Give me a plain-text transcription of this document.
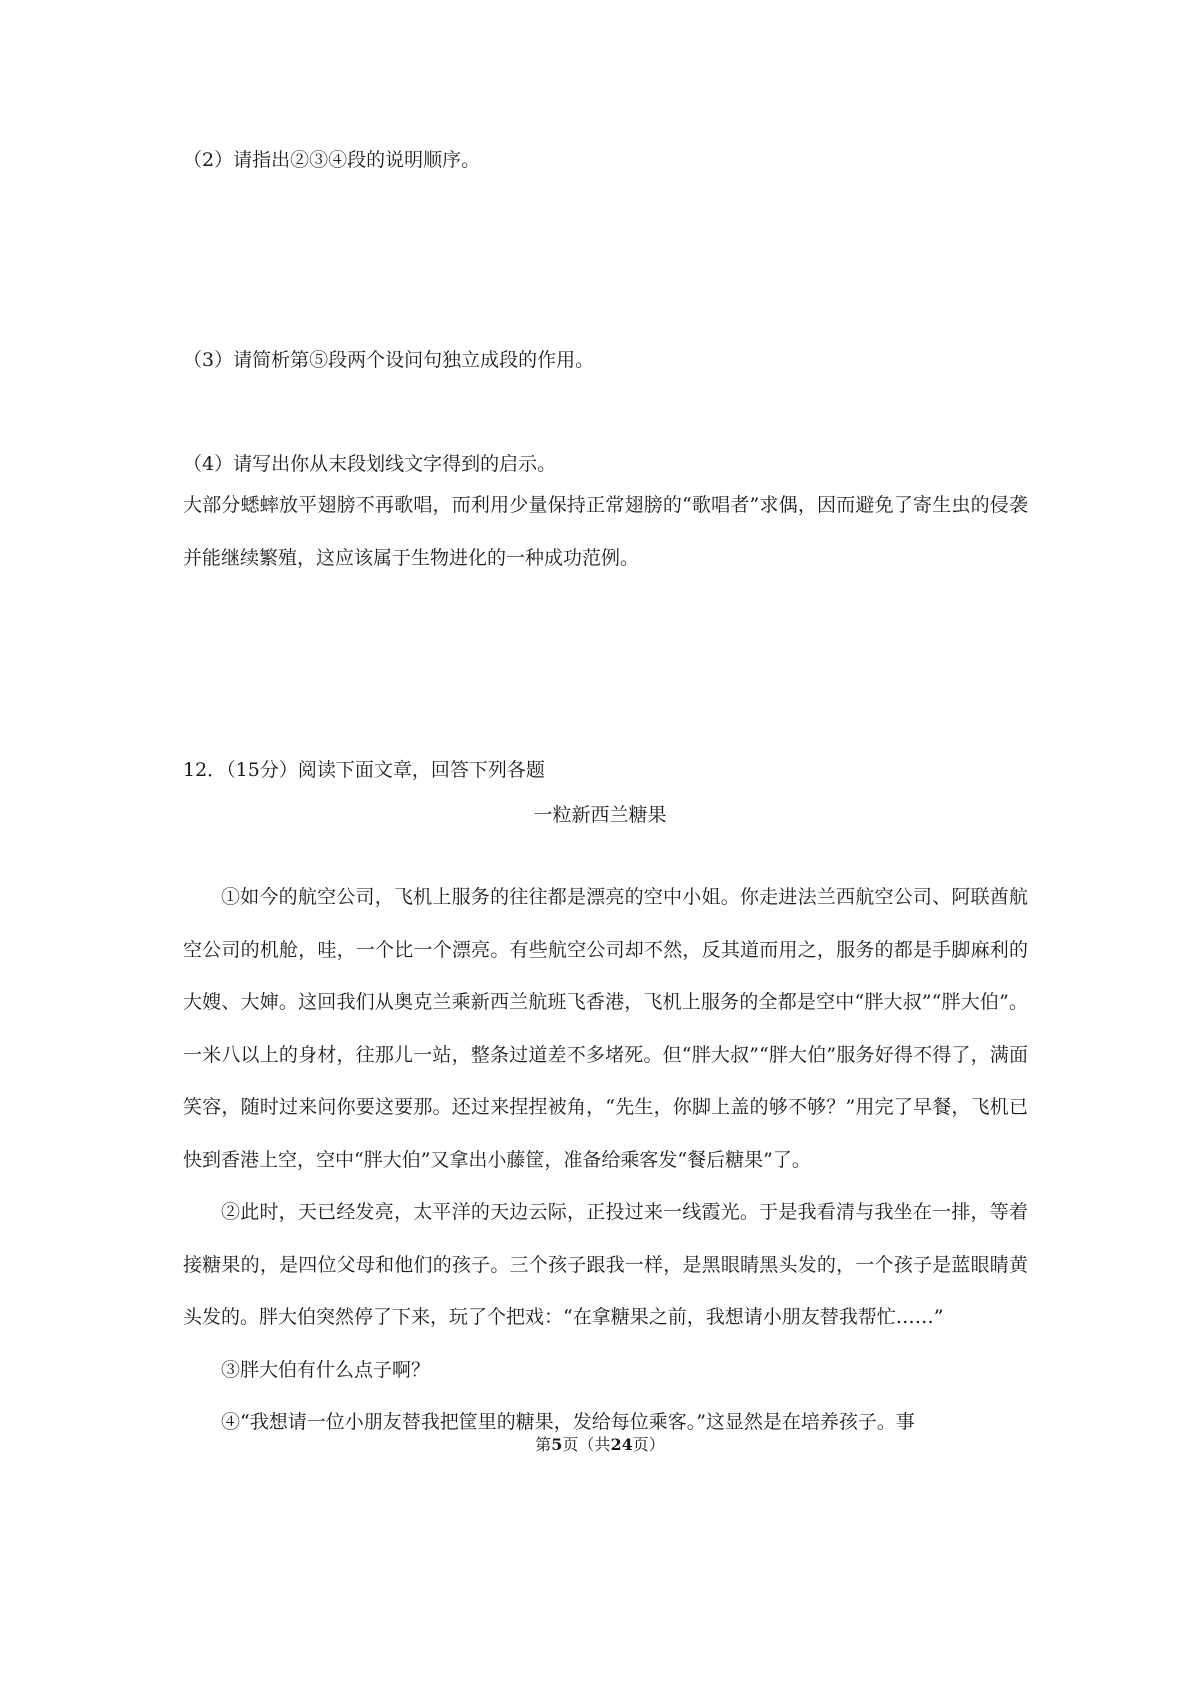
（2）请指出②③④段的说明顺序。
（3）请简析第⑤段两个设问句独立成段的作用。
（4）请写出你从末段划线文字得到的启示。
大部分蟋蟀放平翅膀不再歌唱，而利用少量保持正常翅膀的“歌唱者”求偶，因而避免了寄生虫的侵袭并能继续繁殖，这应该属于生物进化的一种成功范例。
12．（15分）阅读下面文章，回答下列各题
一粒新西兰糖果
①如今的航空公司，飞机上服务的往往都是漂亮的空中小姐。你走进法兰西航空公司、阿联酋航空公司的机舱，哇，一个比一个漂亮。有些航空公司却不然，反其道而用之，服务的都是手脚麻利的大嫂、大婶。这回我们从奥克兰乘新西兰航班飞香港，飞机上服务的全都是空中“胖大叔”“胖大伯”。一米八以上的身材，往那儿一站，整条过道差不多堵死。但“胖大叔”“胖大伯”服务好得不得了，满面笑容，随时过来问你要这要那。还过来捏捏被角，“先生，你脚上盖的够不够？”用完了早餐，飞机已快到香港上空，空中“胖大伯”又拿出小藤筐，准备给乘客发“餐后糖果”了。
②此时，天已经发亮，太平洋的天边云际，正投过来一线霞光。于是我看清与我坐在一排，等着接糖果的，是四位父母和他们的孩子。三个孩子跟我一样，是黑眼睛黑头发的，一个孩子是蓝眼睛黄头发的。胖大伯突然停了下来，玩了个把戏：“在拿糖果之前，我想请小朋友替我帮忙……”
③胖大伯有什么点子啊？
④“我想请一位小朋友替我把筐里的糖果，发给每位乘客。”这显然是在培养孩子。事
第5页（共24页）
